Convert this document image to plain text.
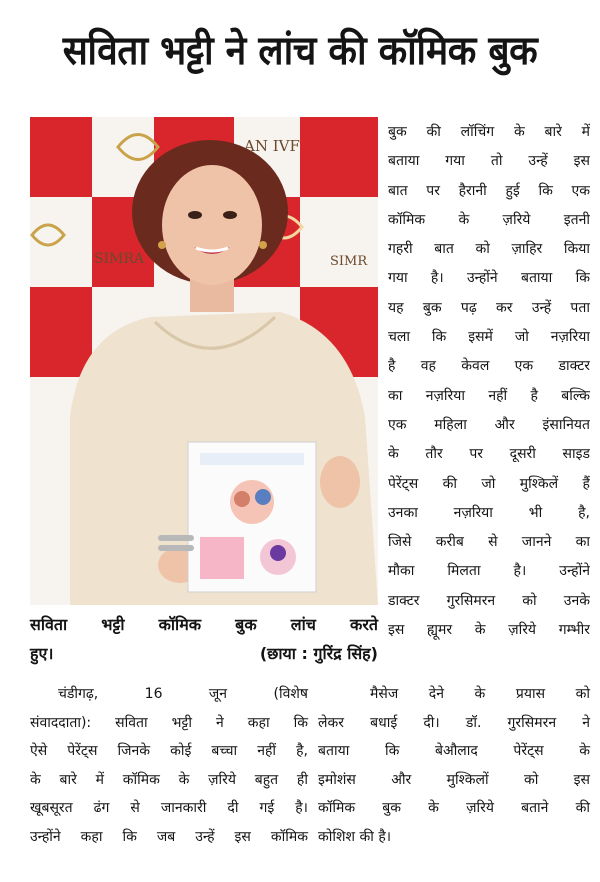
सविता भट्टी ने लांच की कॉमिक बुक
AN IVF
SIMRA	SIMR
बुक की लॉचिंग के बारे में
बताया गया तो उन्हें इस
बात पर हैरानी हुई कि एक
कॉमिक के ज़रिये इतनी
गहरी बात को ज़ाहिर किया
गया है। उन्होंने बताया कि
यह बुक पढ़ कर उन्हें पता
चला कि इसमें जो नज़रिया
है वह केवल एक डाक्टर
का नज़रिया नहीं है बल्कि
एक महिला और इंसानियत
के तौर पर दूसरी साइड
पेरेंट्स की जो मुश्किलें हैं
उनका नज़रिया भी है,
जिसे करीब से जानने का
मौका मिलता है। उन्होंने
डाक्टर गुरसिमरन को उनके
इस ह्यूमर के ज़रिये गम्भीर
सविता भट्टी कॉमिक बुक लांच करते
हुए।	(छाया : गुरिंद्र सिंह)
चंडीगढ़, 16 जून (विशेष
संवाददाता): सविता भट्टी ने कहा कि
ऐसे पेरेंट्स जिनके कोई बच्चा नहीं है,
के बारे में कॉमिक के ज़रिये बहुत ही
खूबसूरत ढंग से जानकारी दी गई है।
उन्होंने कहा कि जब उन्हें इस कॉमिक
मैसेज देने के प्रयास को
लेकर बधाई दी। डॉ. गुरसिमरन ने
बताया कि बेऔलाद पेरेंट्स के
इमोशंस और मुश्किलों को इस
कॉमिक बुक के ज़रिये बताने की
कोशिश की है।
